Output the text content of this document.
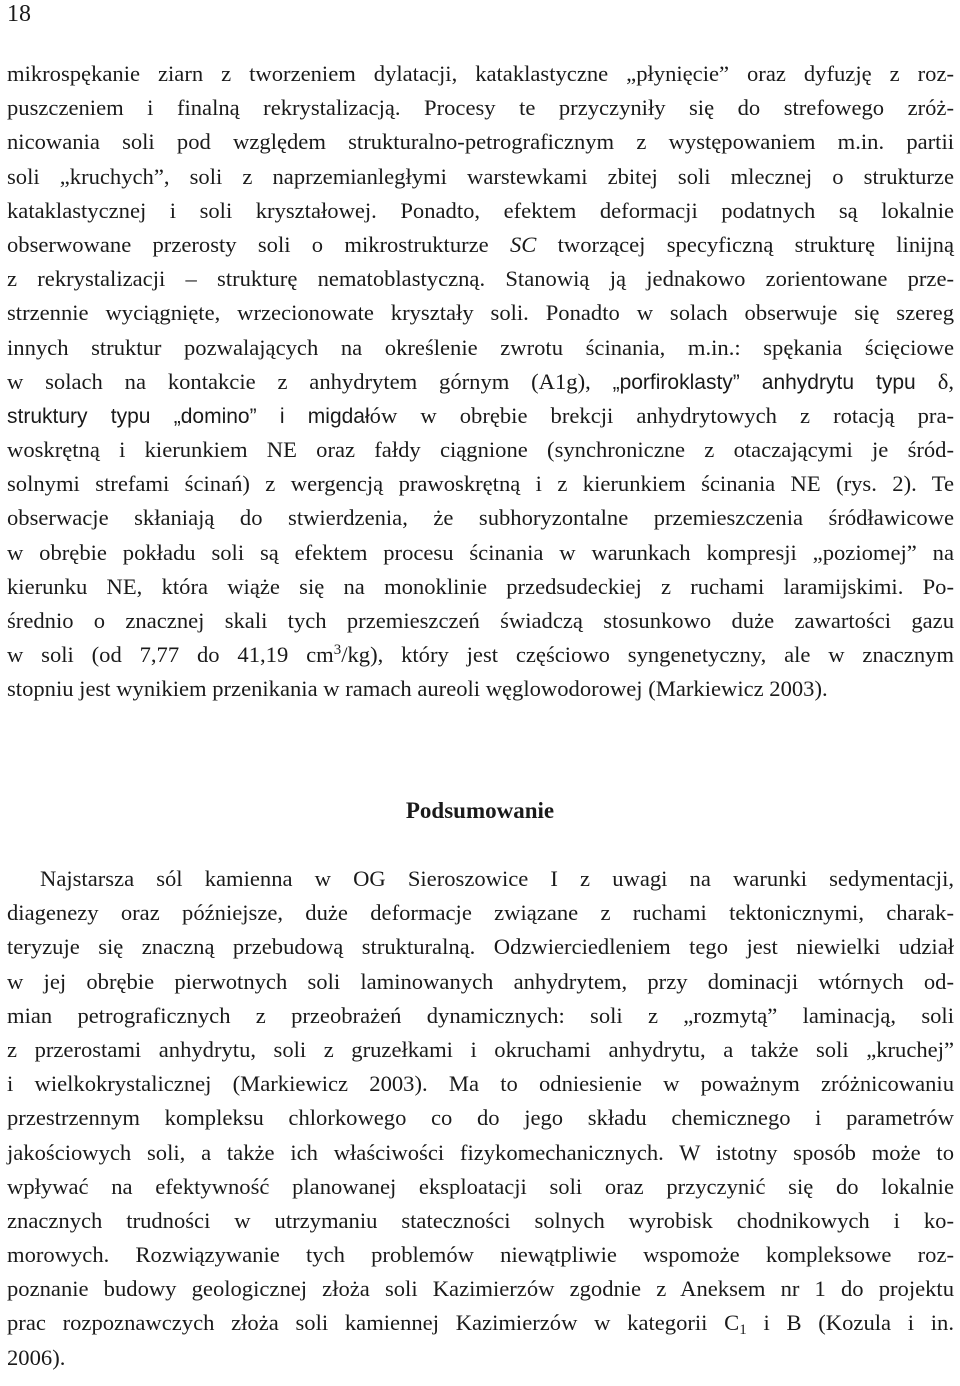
18
mikrospękanie ziarn z tworzeniem dylatacji, kataklastyczne „płynięcie” oraz dyfuzję z roz-
puszczeniem i finalną rekrystalizacją. Procesy te przyczyniły się do strefowego zróż-
nicowania soli pod względem strukturalno-petrograficznym z występowaniem m.in. partii
soli „kruchych”, soli z naprzemianległymi warstewkami zbitej soli mlecznej o strukturze
kataklastycznej i soli kryształowej. Ponadto, efektem deformacji podatnych są lokalnie
obserwowane przerosty soli o mikrostrukturze SC tworzącej specyficzną strukturę linijną
z rekrystalizacji – strukturę nematoblastyczną. Stanowią ją jednakowo zorientowane prze-
strzennie wyciągnięte, wrzecionowate kryształy soli. Ponadto w solach obserwuje się szereg
innych struktur pozwalających na określenie zwrotu ścinania, m.in.: spękania ścięciowe
w solach na kontakcie z anhydrytem górnym (A1g), „porfiroklasty” anhydrytu typu δ,
struktury typu „domino” i migdałów w obrębie brekcji anhydrytowych z rotacją pra-
woskrętną i kierunkiem NE oraz fałdy ciągnione (synchroniczne z otaczającymi je śród-
solnymi strefami ścinań) z wergencją prawoskrętną i z kierunkiem ścinania NE (rys. 2). Te
obserwacje skłaniają do stwierdzenia, że subhoryzontalne przemieszczenia śródławicowe
w obrębie pokładu soli są efektem procesu ścinania w warunkach kompresji „poziomej” na
kierunku NE, która wiąże się na monoklinie przedsudeckiej z ruchami laramijskimi. Po-
średnio o znacznej skali tych przemieszczeń świadczą stosunkowo duże zawartości gazu
w soli (od 7,77 do 41,19 $cm^3/kg$), który jest częściowo syngenetyczny, ale w znacznym
stopniu jest wynikiem przenikania w ramach aureoli węglowodorowej (Markiewicz 2003).
Podsumowanie
Najstarsza sól kamienna w OG Sieroszowice I z uwagi na warunki sedymentacji,
diagenezy oraz późniejsze, duże deformacje związane z ruchami tektonicznymi, charak-
teryzuje się znaczną przebudową strukturalną. Odzwierciedleniem tego jest niewielki udział
w jej obrębie pierwotnych soli laminowanych anhydrytem, przy dominacji wtórnych od-
mian petrograficznych z przeobrażeń dynamicznych: soli z „rozmytą” laminacją, soli
z przerostami anhydrytu, soli z gruzełkami i okruchami anhydrytu, a także soli „kruchej”
i wielkokrystalicznej (Markiewicz 2003). Ma to odniesienie w poważnym zróżnicowaniu
przestrzennym kompleksu chlorkowego co do jego składu chemicznego i parametrów
jakościowych soli, a także ich właściwości fizykomechanicznych. W istotny sposób może to
wpływać na efektywność planowanej eksploatacji soli oraz przyczynić się do lokalnie
znacznych trudności w utrzymaniu stateczności solnych wyrobisk chodnikowych i ko-
morowych. Rozwiązywanie tych problemów niewątpliwie wspomoże kompleksowe roz-
poznanie budowy geologicznej złoża soli Kazimierzów zgodnie z Aneksem nr 1 do projektu
prac rozpoznawczych złoża soli kamiennej Kazimierzów w kategorii $C_1$ i B (Kozula i in.
2006).
